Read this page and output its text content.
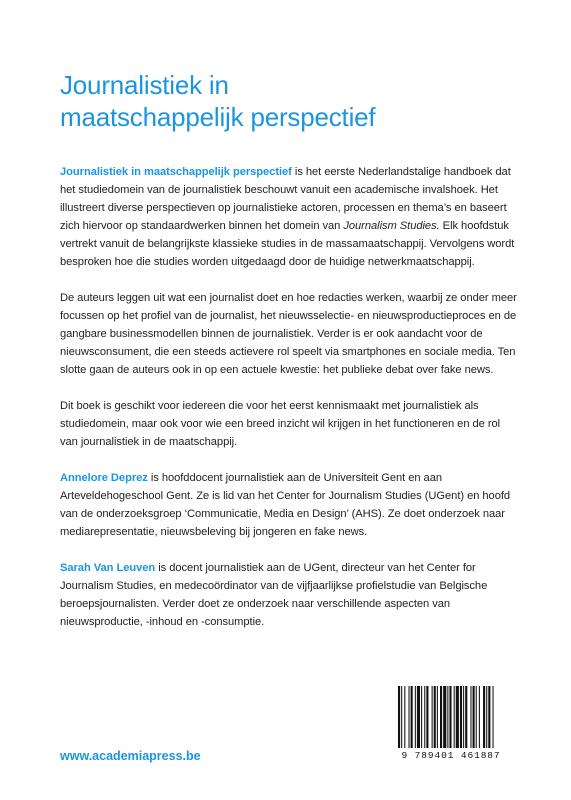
Journalistiek in
maatschappelijk perspectief

Journalistiek in maatschappelijk perspectief is het eerste Nederlandstalige handboek dat het studiedomein van de journalistiek beschouwt vanuit een academische invalshoek. Het illustreert diverse perspectieven op journalistieke actoren, processen en thema’s en baseert zich hiervoor op standaardwerken binnen het domein van Journalism Studies. Elk hoofdstuk vertrekt vanuit de belangrijkste klassieke studies in de massamaatschappij. Vervolgens wordt besproken hoe die studies worden uitgedaagd door de huidige netwerkmaatschappij.

De auteurs leggen uit wat een journalist doet en hoe redacties werken, waarbij ze onder meer focussen op het profiel van de journalist, het nieuwsselectie- en nieuwsproductieproces en de gangbare businessmodellen binnen de journalistiek. Verder is er ook aandacht voor de nieuwsconsument, die een steeds actievere rol speelt via smartphones en sociale media. Ten slotte gaan de auteurs ook in op een actuele kwestie: het publieke debat over fake news.

Dit boek is geschikt voor iedereen die voor het eerst kennismaakt met journalistiek als studiedomein, maar ook voor wie een breed inzicht wil krijgen in het functioneren en de rol van journalistiek in de maatschappij.

Annelore Deprez is hoofddocent journalistiek aan de Universiteit Gent en aan Arteveldehogeschool Gent. Ze is lid van het Center for Journalism Studies (UGent) en hoofd van de onderzoeksgroep ‘Communicatie, Media en Design’ (AHS). Ze doet onderzoek naar mediarepresentatie, nieuwsbeleving bij jongeren en fake news.

Sarah Van Leuven is docent journalistiek aan de UGent, directeur van het Center for Journalism Studies, en medecoördinator van de vijfjaarlijkse profielstudie van Belgische beroepsjournalisten. Verder doet ze onderzoek naar verschillende aspecten van nieuwsproductie, -inhoud en -consumptie.

www.academiapress.be	9 789401 461887
